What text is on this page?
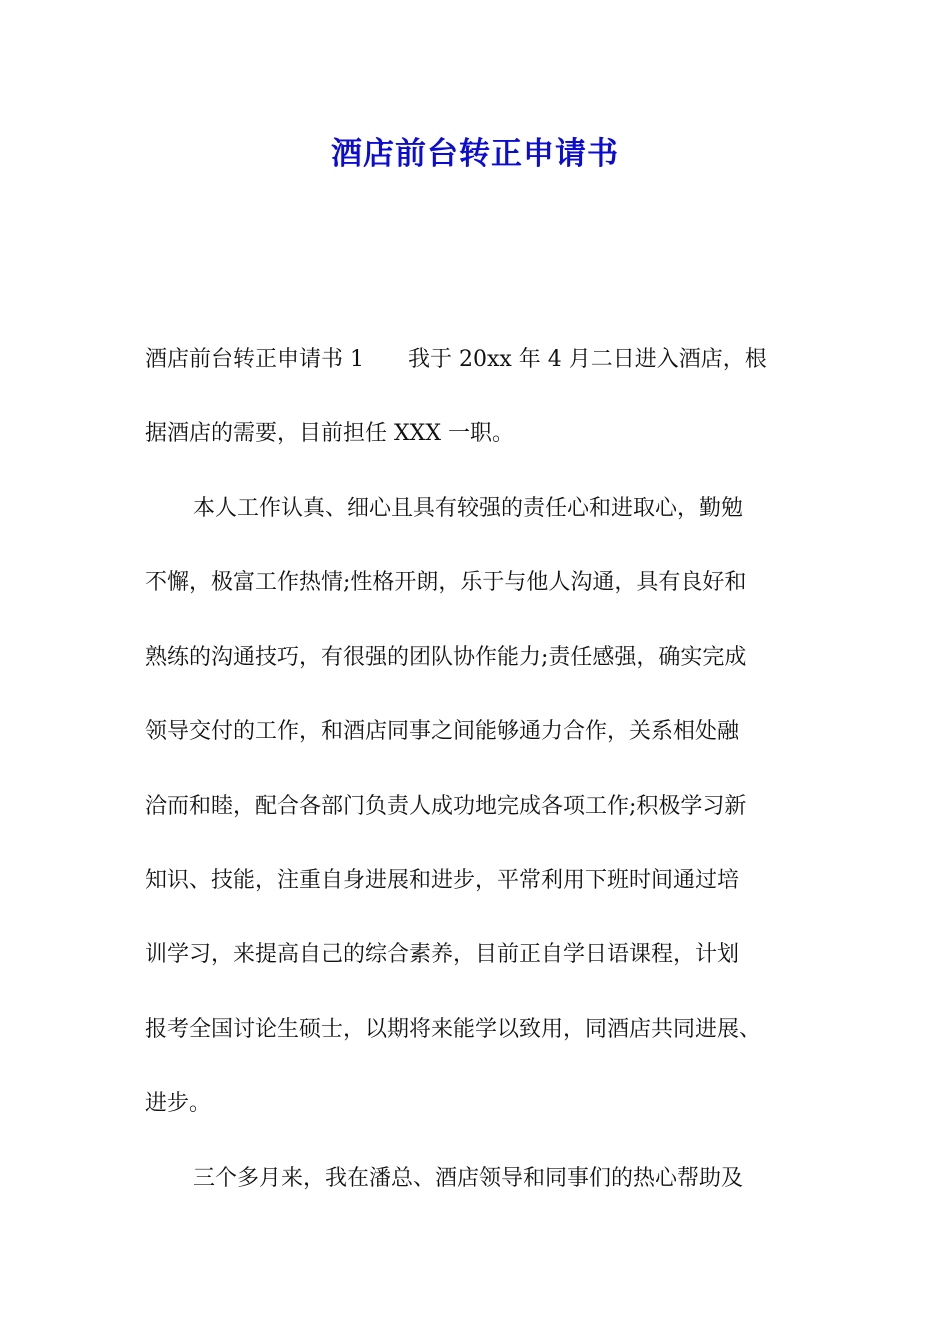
酒店前台转正申请书
酒店前台转正申请书 1　　我于 20xx 年 4 月二日进入酒店，根
据酒店的需要，目前担任 XXX 一职。
本人工作认真、细心且具有较强的责任心和进取心，勤勉
不懈，极富工作热情;性格开朗，乐于与他人沟通，具有良好和
熟练的沟通技巧，有很强的团队协作能力;责任感强，确实完成
领导交付的工作，和酒店同事之间能够通力合作，关系相处融
洽而和睦，配合各部门负责人成功地完成各项工作;积极学习新
知识、技能，注重自身进展和进步，平常利用下班时间通过培
训学习，来提高自己的综合素养，目前正自学日语课程，计划
报考全国讨论生硕士，以期将来能学以致用，同酒店共同进展、
进步。
三个多月来，我在潘总、酒店领导和同事们的热心帮助及
